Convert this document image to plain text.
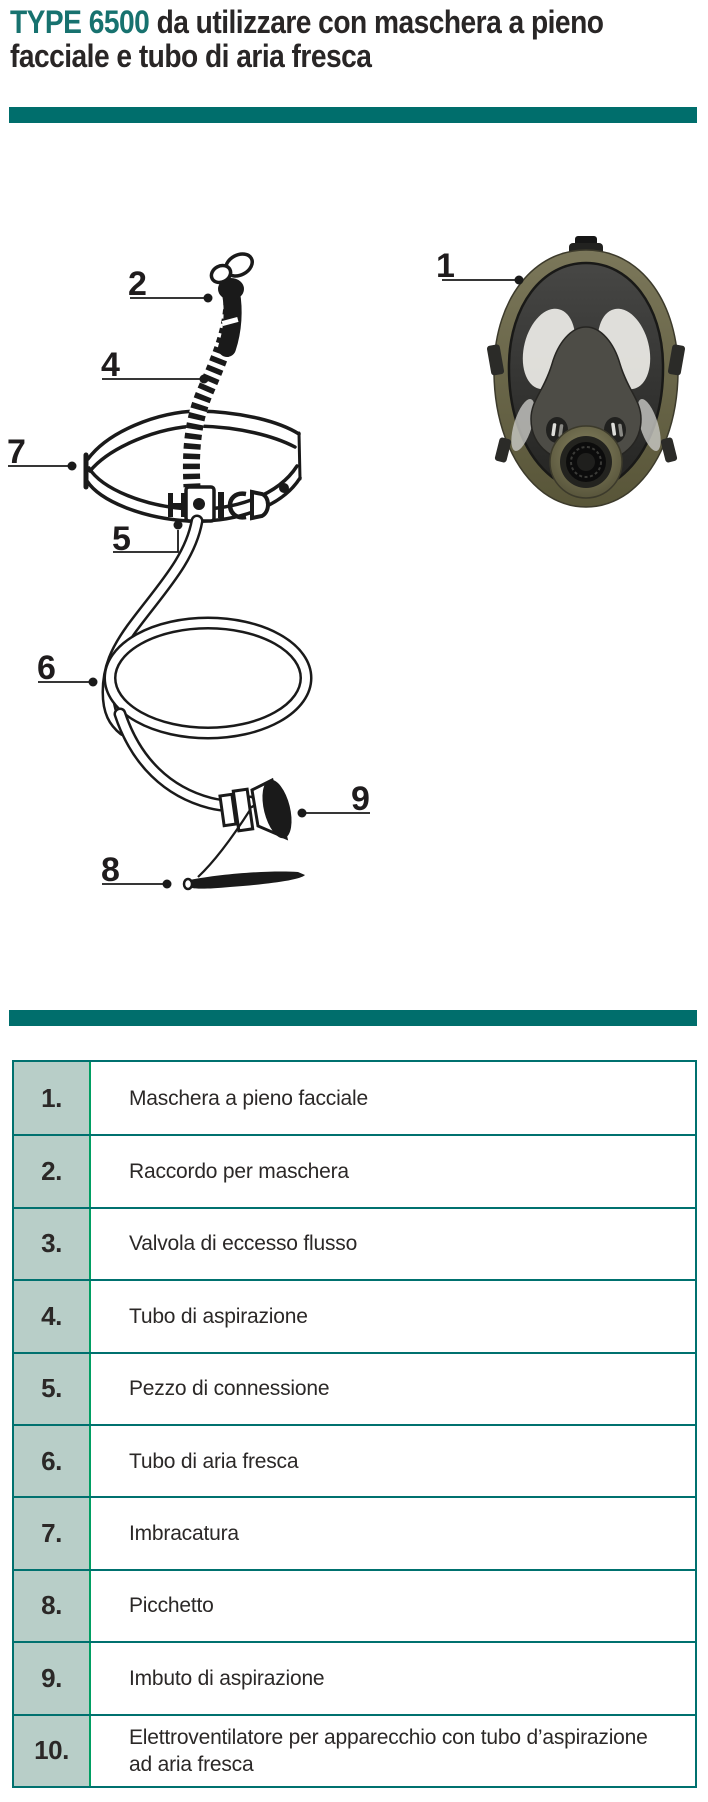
TYPE 6500 da utilizzare con maschera a pieno facciale e tubo di aria fresca
1
2
4
7
5
6
9
8
1.	Maschera a pieno facciale
2.	Raccordo per maschera
3.	Valvola di eccesso flusso
4.	Tubo di aspirazione
5.	Pezzo di connessione
6.	Tubo di aria fresca
7.	Imbracatura
8.	Picchetto
9.	Imbuto di aspirazione
10.	Elettroventilatore per apparecchio con tubo d’aspirazione ad aria fresca
